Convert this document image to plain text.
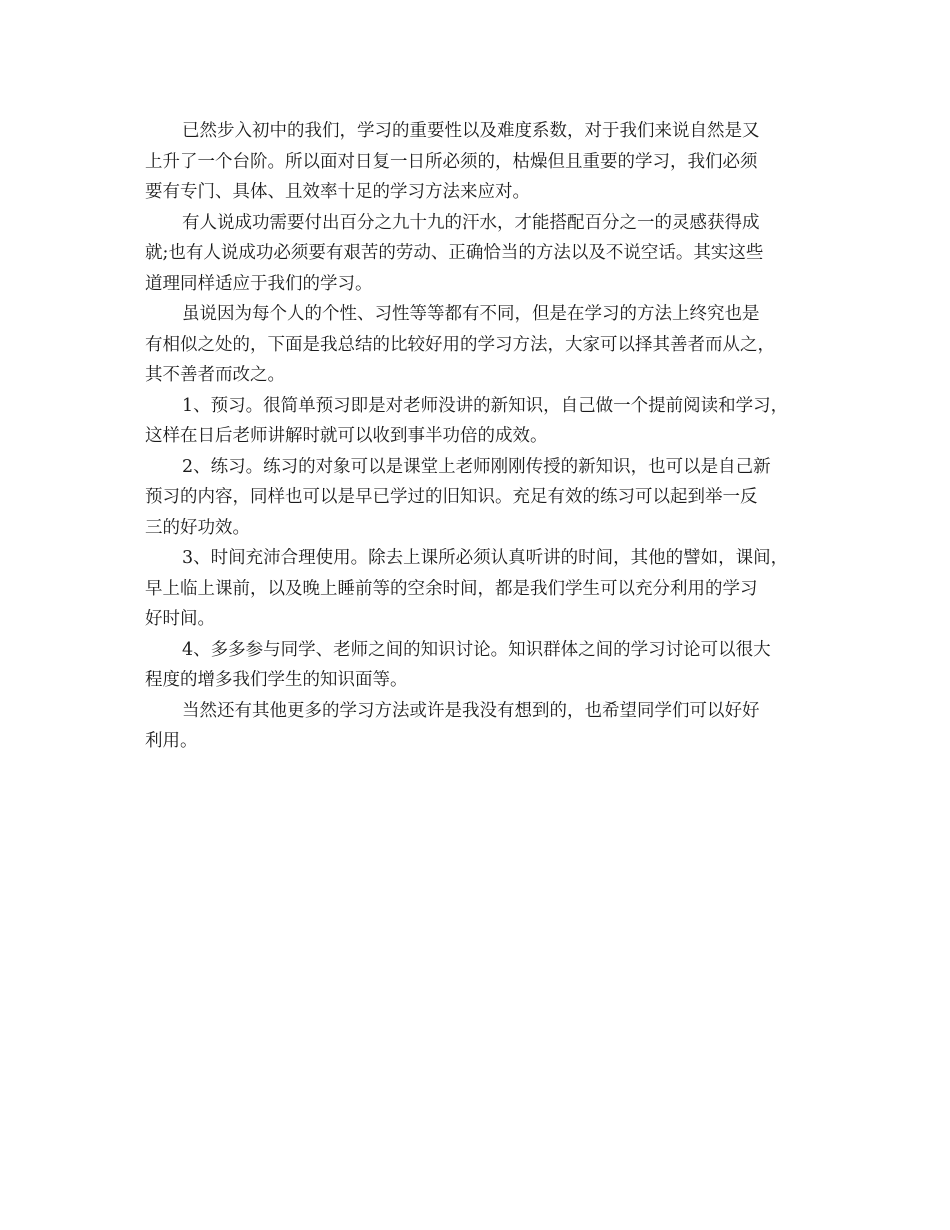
已然步入初中的我们，学习的重要性以及难度系数，对于我们来说自然是又
上升了一个台阶。所以面对日复一日所必须的，枯燥但且重要的学习，我们必须
要有专门、具体、且效率十足的学习方法来应对。
有人说成功需要付出百分之九十九的汗水，才能搭配百分之一的灵感获得成
就;也有人说成功必须要有艰苦的劳动、正确恰当的方法以及不说空话。其实这些
道理同样适应于我们的学习。
虽说因为每个人的个性、习性等等都有不同，但是在学习的方法上终究也是
有相似之处的，下面是我总结的比较好用的学习方法，大家可以择其善者而从之，
其不善者而改之。
1、预习。很简单预习即是对老师没讲的新知识，自己做一个提前阅读和学习，
这样在日后老师讲解时就可以收到事半功倍的成效。
2、练习。练习的对象可以是课堂上老师刚刚传授的新知识，也可以是自己新
预习的内容，同样也可以是早已学过的旧知识。充足有效的练习可以起到举一反
三的好功效。
3、时间充沛合理使用。除去上课所必须认真听讲的时间，其他的譬如，课间，
早上临上课前，以及晚上睡前等的空余时间，都是我们学生可以充分利用的学习
好时间。
4、多多参与同学、老师之间的知识讨论。知识群体之间的学习讨论可以很大
程度的增多我们学生的知识面等。
当然还有其他更多的学习方法或许是我没有想到的，也希望同学们可以好好
利用。
